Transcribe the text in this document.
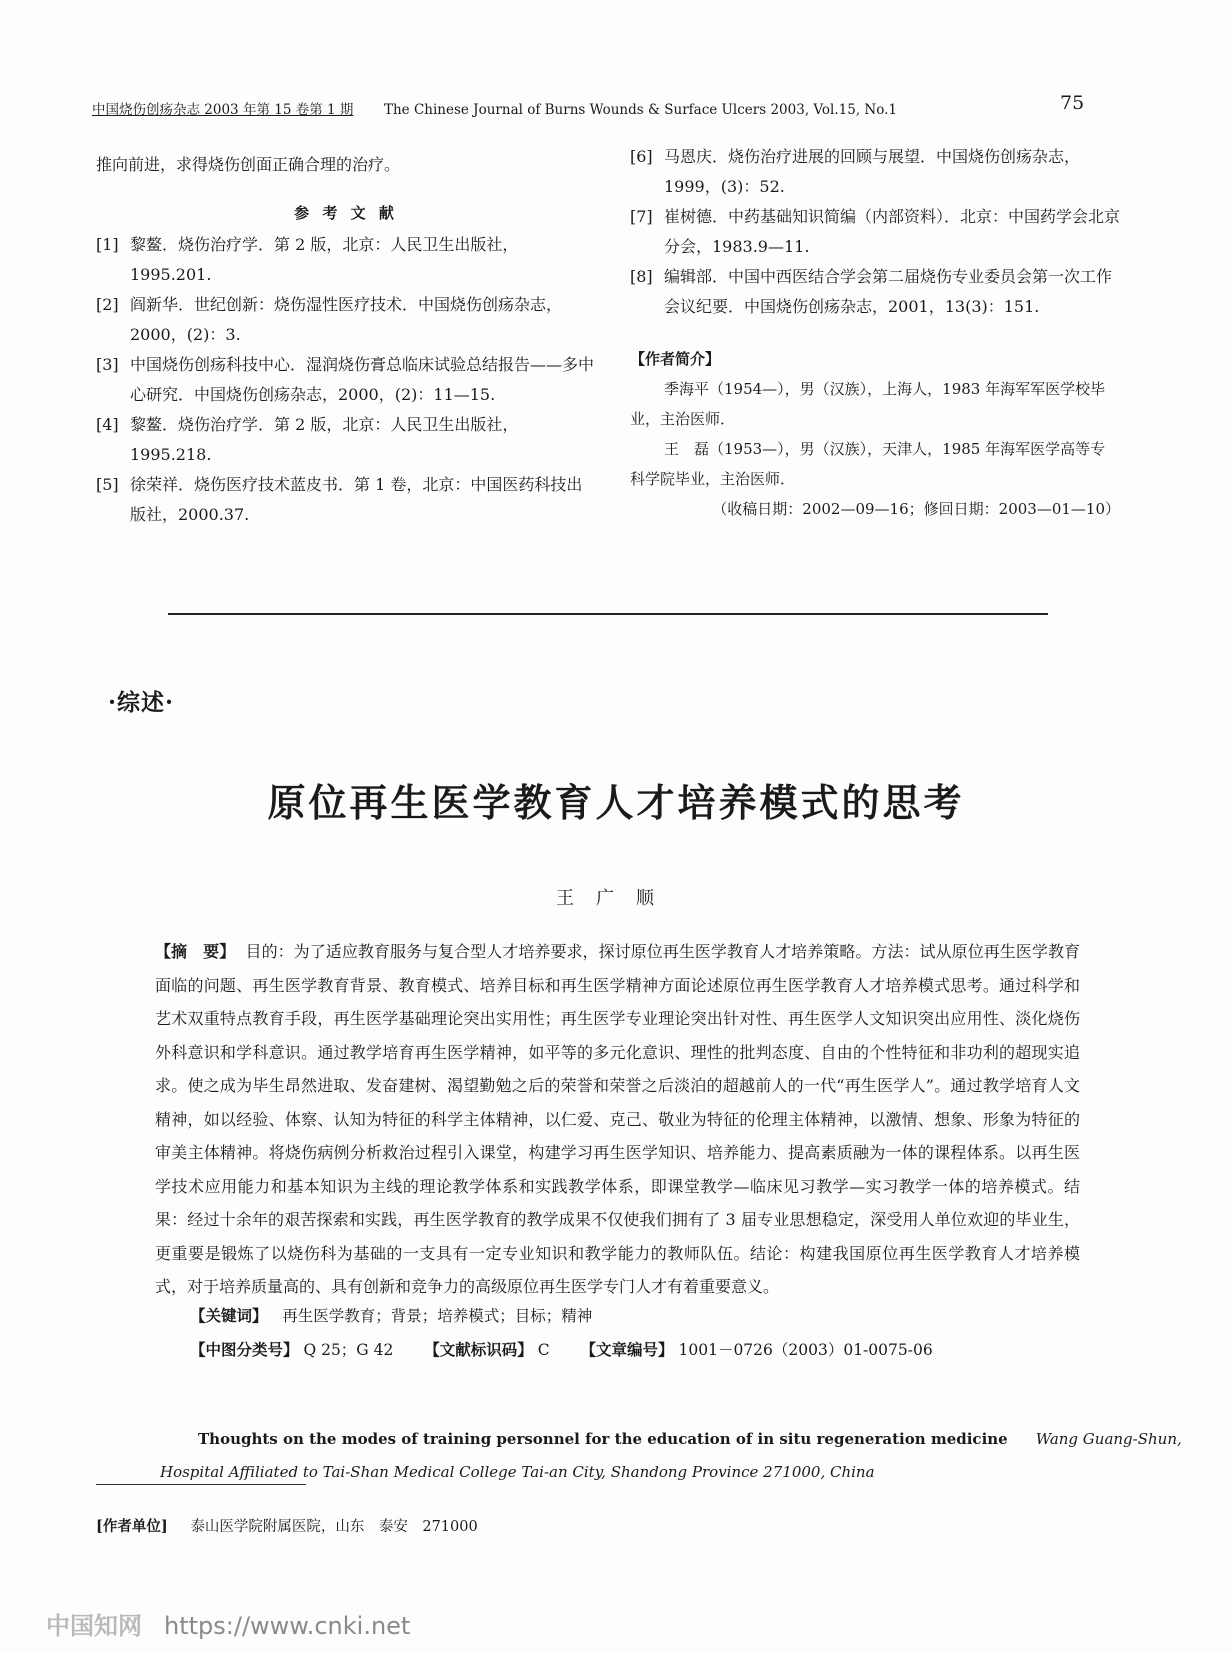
中国烧伤创疡杂志 2003 年第 15 卷第 1 期 The Chinese Journal of Burns Wounds & Surface Ulcers 2003, Vol.15, No.1	75

推向前进，求得烧伤创面正确合理的治疗。

参 考 文 献
[1] 黎鳌．烧伤治疗学．第 2 版，北京：人民卫生出版社，1995.201.
[2] 阎新华．世纪创新：烧伤湿性医疗技术．中国烧伤创疡杂志，2000，(2)：3.
[3] 中国烧伤创疡科技中心．湿润烧伤膏总临床试验总结报告——多中心研究．中国烧伤创疡杂志，2000，(2)：11—15.
[4] 黎鳌．烧伤治疗学．第 2 版，北京：人民卫生出版社，1995.218.
[5] 徐荣祥．烧伤医疗技术蓝皮书．第 1 卷，北京：中国医药科技出版社，2000.37.
[6] 马恩庆．烧伤治疗进展的回顾与展望．中国烧伤创疡杂志，1999，(3)：52.
[7] 崔树德．中药基础知识简编（内部资料）．北京：中国药学会北京分会，1983.9—11.
[8] 编辑部．中国中西医结合学会第二届烧伤专业委员会第一次工作会议纪要．中国烧伤创疡杂志，2001，13(3)：151.
【作者简介】

季海平（1954—），男（汉族），上海人，1983 年海军军医学校毕业，主治医师．

王　磊（1953—），男（汉族），天津人，1985 年海军医学高等专科学院毕业，主治医师．

（收稿日期：2002—09—16；修回日期：2003—01—10）
·综述·
原位再生医学教育人才培养模式的思考
王广顺

【摘　要】 目的：为了适应教育服务与复合型人才培养要求，探讨原位再生医学教育人才培养策略。方法：试从原位再生医学教育面临的问题、再生医学教育背景、教育模式、培养目标和再生医学精神方面论述原位再生医学教育人才培养模式思考。通过科学和艺术双重特点教育手段，再生医学基础理论突出实用性；再生医学专业理论突出针对性、再生医学人文知识突出应用性、淡化烧伤外科意识和学科意识。通过教学培育再生医学精神，如平等的多元化意识、理性的批判态度、自由的个性特征和非功利的超现实追求。使之成为毕生昂然进取、发奋建树、渴望勤勉之后的荣誉和荣誉之后淡泊的超越前人的一代“再生医学人”。通过教学培育人文精神，如以经验、体察、认知为特征的科学主体精神，以仁爱、克己、敬业为特征的伦理主体精神，以激情、想象、形象为特征的审美主体精神。将烧伤病例分析救治过程引入课堂，构建学习再生医学知识、培养能力、提高素质融为一体的课程体系。以再生医学技术应用能力和基本知识为主线的理论教学体系和实践教学体系，即课堂教学—临床见习教学—实习教学一体的培养模式。结果：经过十余年的艰苦探索和实践，再生医学教育的教学成果不仅使我们拥有了 3 届专业思想稳定，深受用人单位欢迎的毕业生，更重要是锻炼了以烧伤科为基础的一支具有一定专业知识和教学能力的教师队伍。结论：构建我国原位再生医学教育人才培养模式，对于培养质量高的、具有创新和竞争力的高级原位再生医学专门人才有着重要意义。

【关键词】 再生医学教育；背景；培养模式；目标；精神
【中图分类号】 Q 25；G 42 【文献标识码】 C 【文章编号】 1001－0726（2003）01-0075-06
Thoughts on the modes of training personnel for the education of in situ regeneration medicine Wang Guang-Shun,
Hospital Affiliated to Tai-Shan Medical College Tai-an City, Shandong Province 271000, China
[作者单位] 泰山医学院附属医院，山东　泰安　271000
中国知网 https://www.cnki.net
